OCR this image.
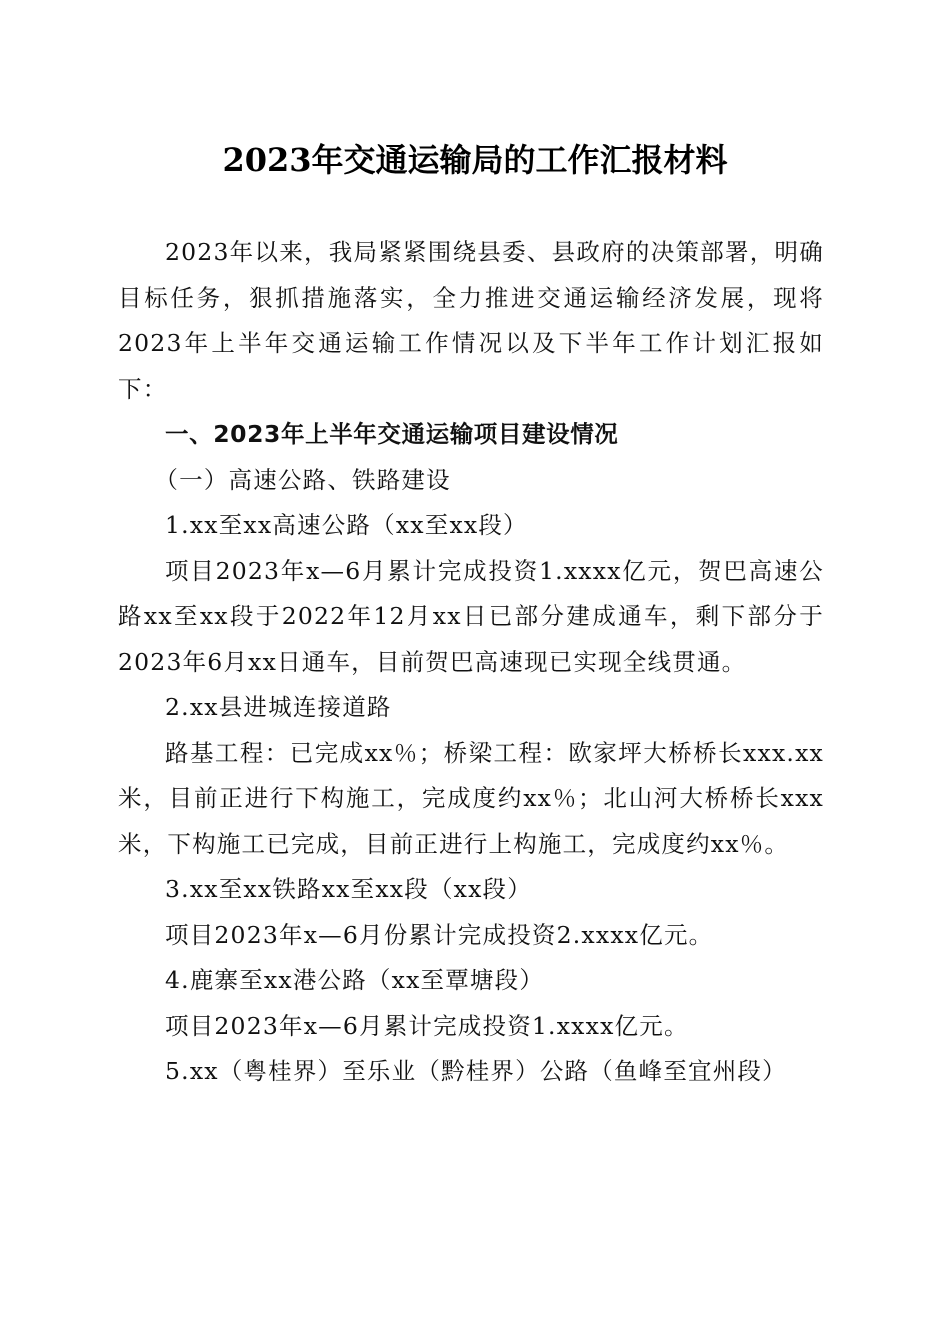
2023年交通运输局的工作汇报材料

2023年以来，我局紧紧围绕县委、县政府的决策部署，明确目标任务，狠抓措施落实，全力推进交通运输经济发展，现将2023年上半年交通运输工作情况以及下半年工作计划汇报如下：

一、2023年上半年交通运输项目建设情况

（一）高速公路、铁路建设

1.xx至xx高速公路（xx至xx段）

项目2023年x—6月累计完成投资1.xxxx亿元，贺巴高速公路xx至xx段于2022年12月xx日已部分建成通车，剩下部分于2023年6月xx日通车，目前贺巴高速现已实现全线贯通。

2.xx县进城连接道路

路基工程：已完成xx％；桥梁工程：欧家坪大桥桥长xxx.xx米，目前正进行下构施工，完成度约xx％；北山河大桥桥长xxx米，下构施工已完成，目前正进行上构施工，完成度约xx％。

3.xx至xx铁路xx至xx段（xx段）

项目2023年x—6月份累计完成投资2.xxxx亿元。

4.鹿寨至xx港公路（xx至覃塘段）

项目2023年x—6月累计完成投资1.xxxx亿元。

5.xx（粤桂界）至乐业（黔桂界）公路（鱼峰至宜州段）
